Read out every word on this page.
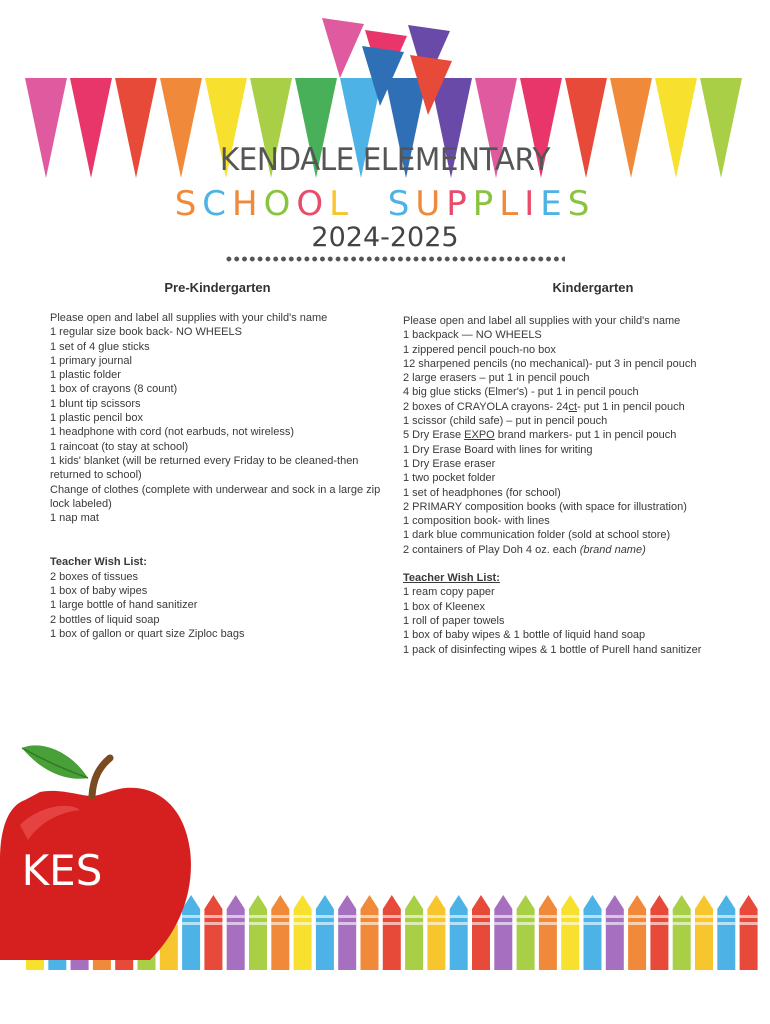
KENDALE ELEMENTARY
SCHOOL SUPPLIES
2024-2025
Pre-Kindergarten
Please open and label all supplies with your child's name
1 regular size book back- NO WHEELS
1 set of 4 glue sticks
1 primary journal
1 plastic folder
1 box of crayons (8 count)
1 blunt tip scissors
1 plastic pencil box
1 headphone with cord (not earbuds, not wireless)
1 raincoat (to stay at school)
1 kids' blanket (will be returned every Friday to be cleaned-then returned to school)
Change of clothes (complete with underwear and sock in a large zip lock labeled)
1 nap mat
Teacher Wish List:
2 boxes of tissues
1 box of baby wipes
1 large bottle of hand sanitizer
2 bottles of liquid soap
1 box of gallon or quart size Ziploc bags
Kindergarten
Please open and label all supplies with your child's name
1 backpack — NO WHEELS
1 zippered pencil pouch-no box
12 sharpened pencils (no mechanical)- put 3 in pencil pouch
2 large erasers – put 1 in pencil pouch
4 big glue sticks (Elmer's) - put 1 in pencil pouch
2 boxes of CRAYOLA crayons- 24ct- put 1 in pencil pouch
1 scissor (child safe) – put in pencil pouch
5 Dry Erase EXPO brand markers- put 1 in pencil pouch
1 Dry Erase Board with lines for writing
1 Dry Erase eraser
1 two pocket folder
1 set of headphones (for school)
2 PRIMARY composition books (with space for illustration)
1 composition book- with lines
1 dark blue communication folder (sold at school store)
2 containers of Play Doh 4 oz. each (brand name)
Teacher Wish List:
1 ream copy paper
1 box of Kleenex
1 roll of paper towels
1 box of baby wipes & 1 bottle of liquid hand soap
1 pack of disinfecting wipes & 1 bottle of Purell hand sanitizer
KES
